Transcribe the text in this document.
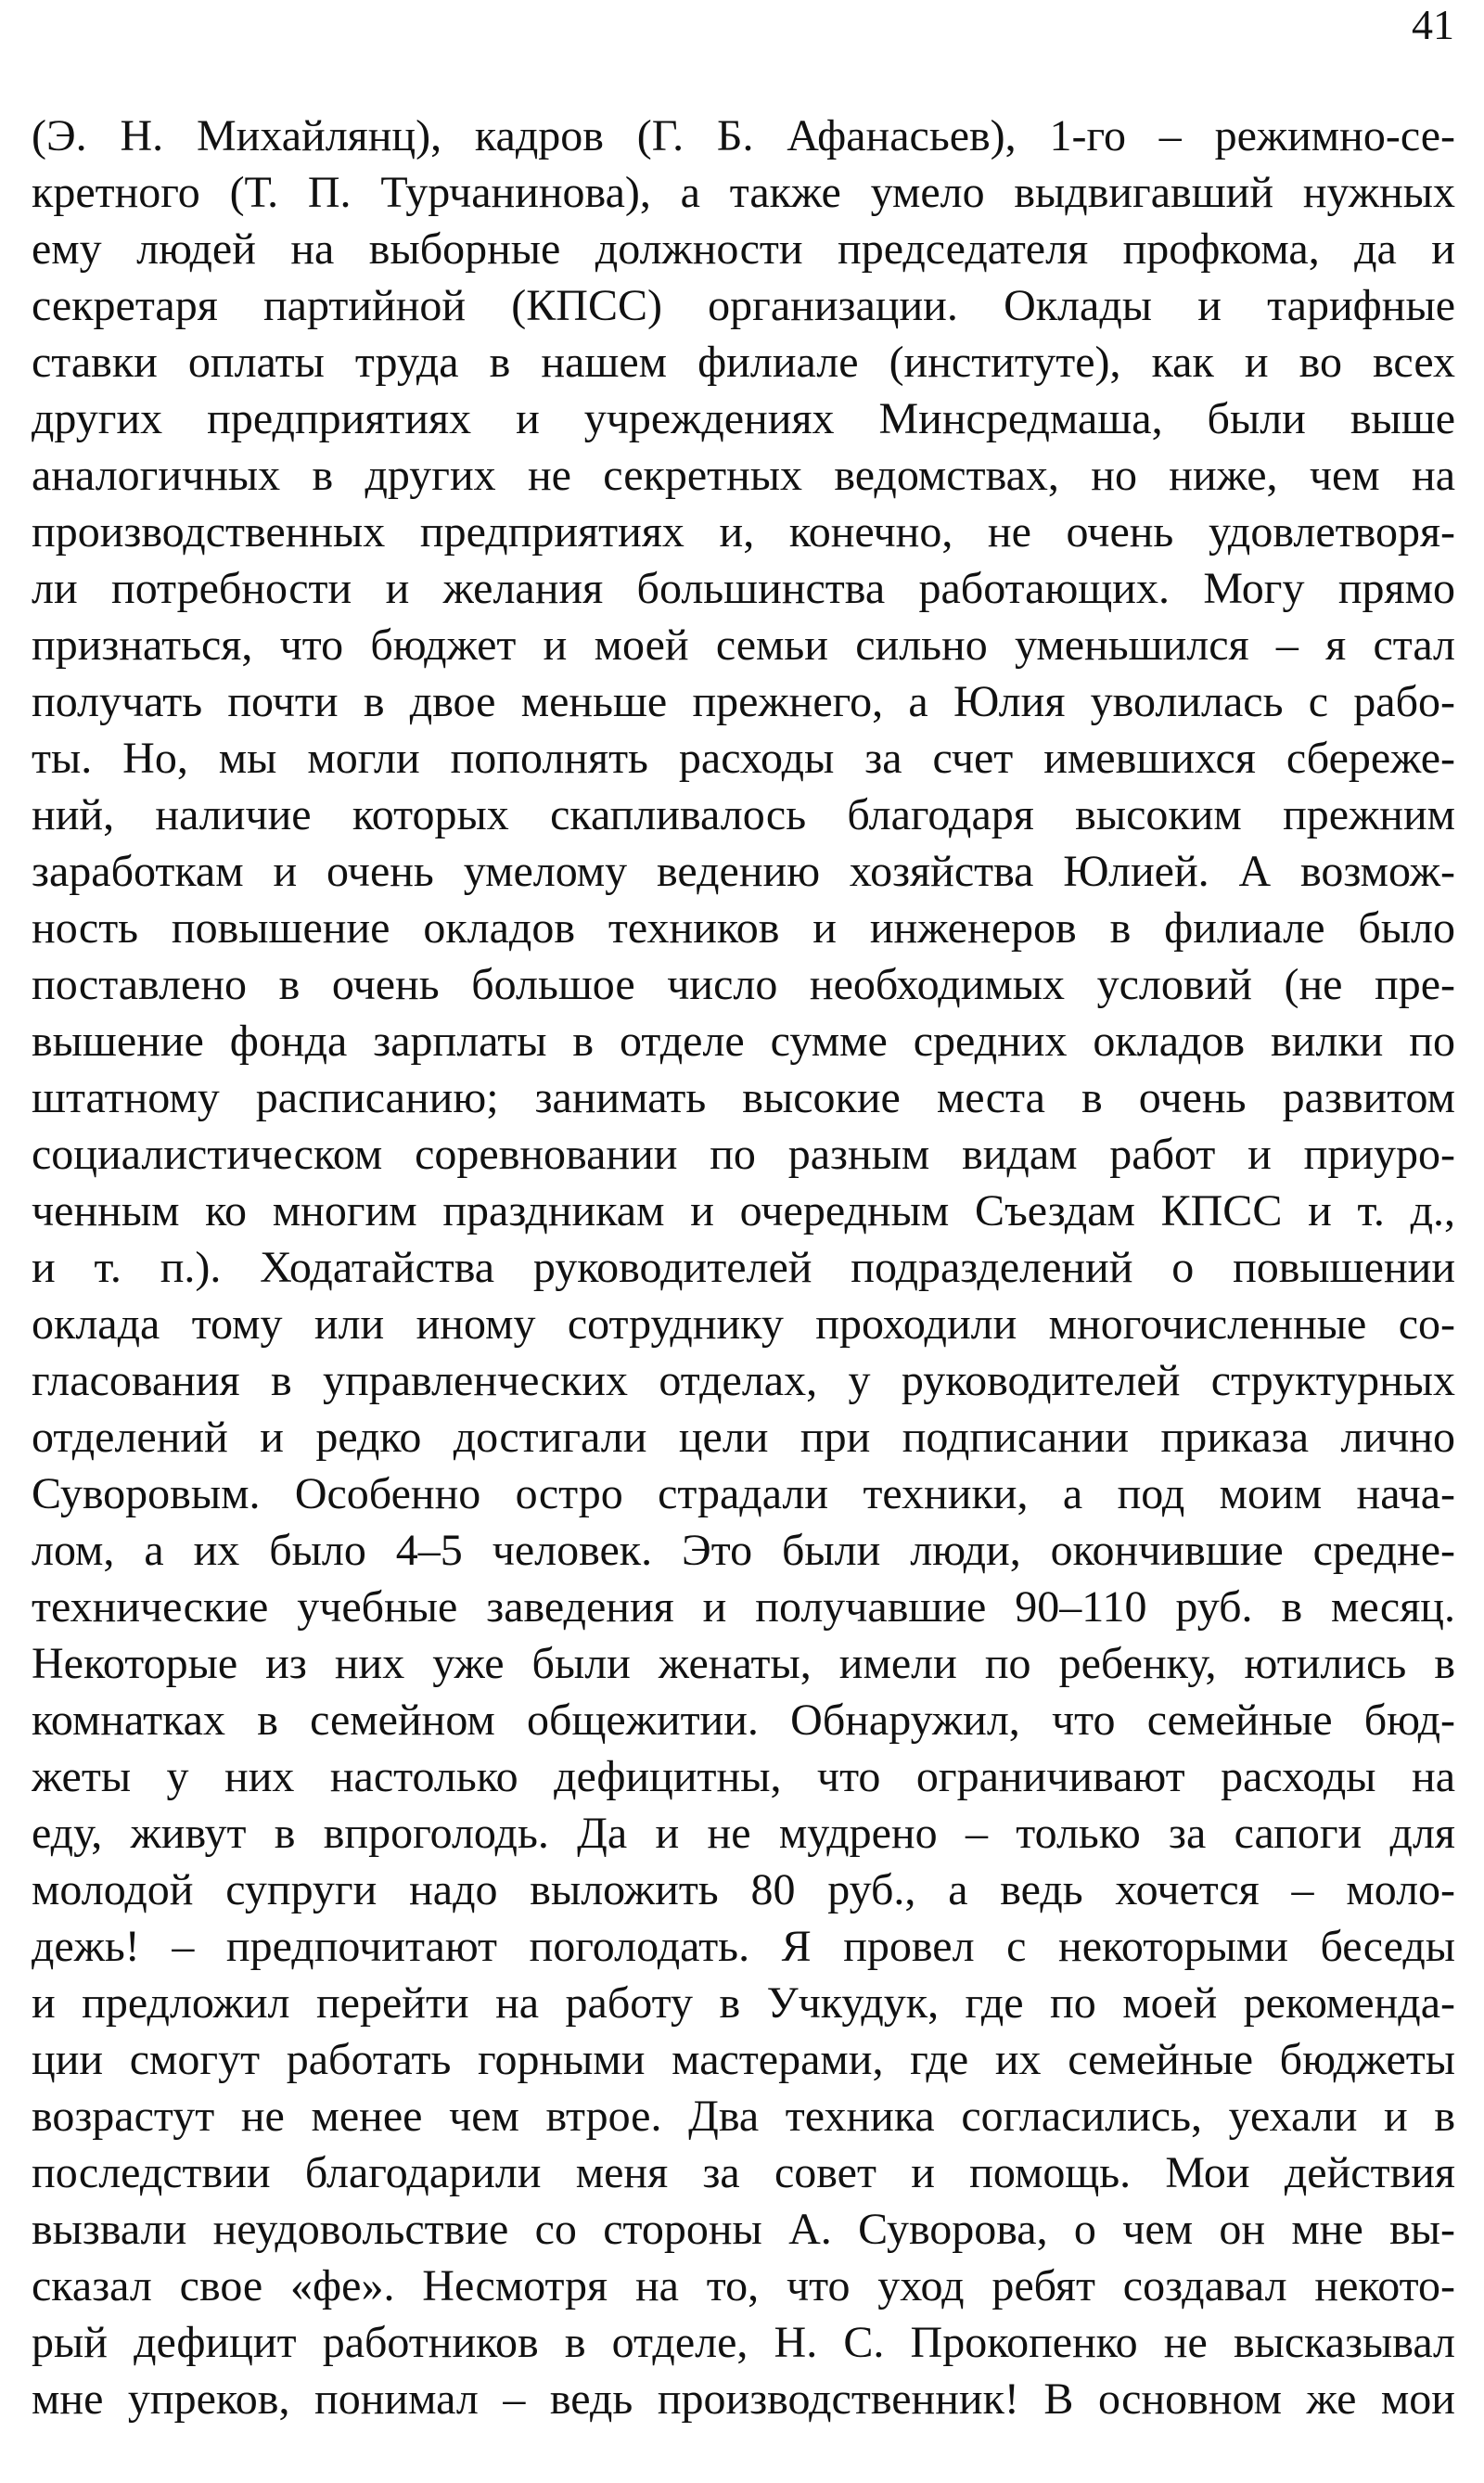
41
(Э. Н. Михайлянц), кадров (Г. Б. Афанасьев), 1-го – режимно-се-
кретного (Т. П. Турчанинова), а также умело выдвигавший нужных
ему людей на выборные должности председателя профкома, да и
секретаря партийной (КПСС) организации. Оклады и тарифные
ставки оплаты труда в нашем филиале (институте), как и во всех
других предприятиях и учреждениях Минсредмаша, были выше
аналогичных в других не секретных ведомствах, но ниже, чем на
производственных предприятиях и, конечно, не очень удовлетворя-
ли потребности и желания большинства работающих. Могу прямо
признаться, что бюджет и моей семьи сильно уменьшился – я стал
получать почти в двое меньше прежнего, а Юлия уволилась с рабо-
ты. Но, мы могли пополнять расходы за счет имевшихся сбереже-
ний, наличие которых скапливалось благодаря высоким прежним
заработкам и очень умелому ведению хозяйства Юлией. А возмож-
ность повышение окладов техников и инженеров в филиале было
поставлено в очень большое число необходимых условий (не пре-
вышение фонда зарплаты в отделе сумме средних окладов вилки по
штатному расписанию; занимать высокие места в очень развитом
социалистическом соревновании по разным видам работ и приуро-
ченным ко многим праздникам и очередным Съездам КПСС и т. д.,
и т. п.). Ходатайства руководителей подразделений о повышении
оклада тому или иному сотруднику проходили многочисленные со-
гласования в управленческих отделах, у руководителей структурных
отделений и редко достигали цели при подписании приказа лично
Суворовым. Особенно остро страдали техники, а под моим нача-
лом, а их было 4–5 человек. Это были люди, окончившие средне-
технические учебные заведения и получавшие 90–110 руб. в месяц.
Некоторые из них уже были женаты, имели по ребенку, ютились в
комнатках в семейном общежитии. Обнаружил, что семейные бюд-
жеты у них настолько дефицитны, что ограничивают расходы на
еду, живут в впроголодь. Да и не мудрено – только за сапоги для
молодой супруги надо выложить 80 руб., а ведь хочется – моло-
дежь! – предпочитают поголодать. Я провел с некоторыми беседы
и предложил перейти на работу в Учкудук, где по моей рекоменда-
ции смогут работать горными мастерами, где их семейные бюджеты
возрастут не менее чем втрое. Два техника согласились, уехали и в
последствии благодарили меня за совет и помощь. Мои действия
вызвали неудовольствие со стороны А. Суворова, о чем он мне вы-
сказал свое «фе». Несмотря на то, что уход ребят создавал некото-
рый дефицит работников в отделе, Н. С. Прокопенко не высказывал
мне упреков, понимал – ведь производственник! В основном же мои
